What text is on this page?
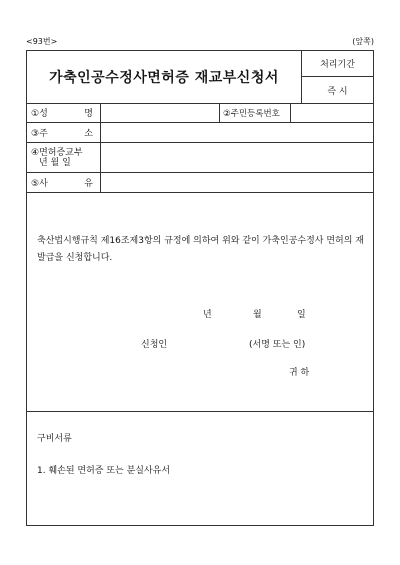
<93번>	(앞쪽)
가축인공수정사면허증 재교부신청서
처리기간
즉 시
①성	명	②주민등록번호
③주	소
④면허증교부
년 월 일
⑤사	유
축산법시행규칙 제16조제3항의 규정에 의하여 위와 같이 가축인공수정사 면허의 재발급을 신청합니다.
년	월	일
신청인	(서명 또는 인)
귀 하
구비서류
1. 훼손된 면허증 또는 분실사유서
